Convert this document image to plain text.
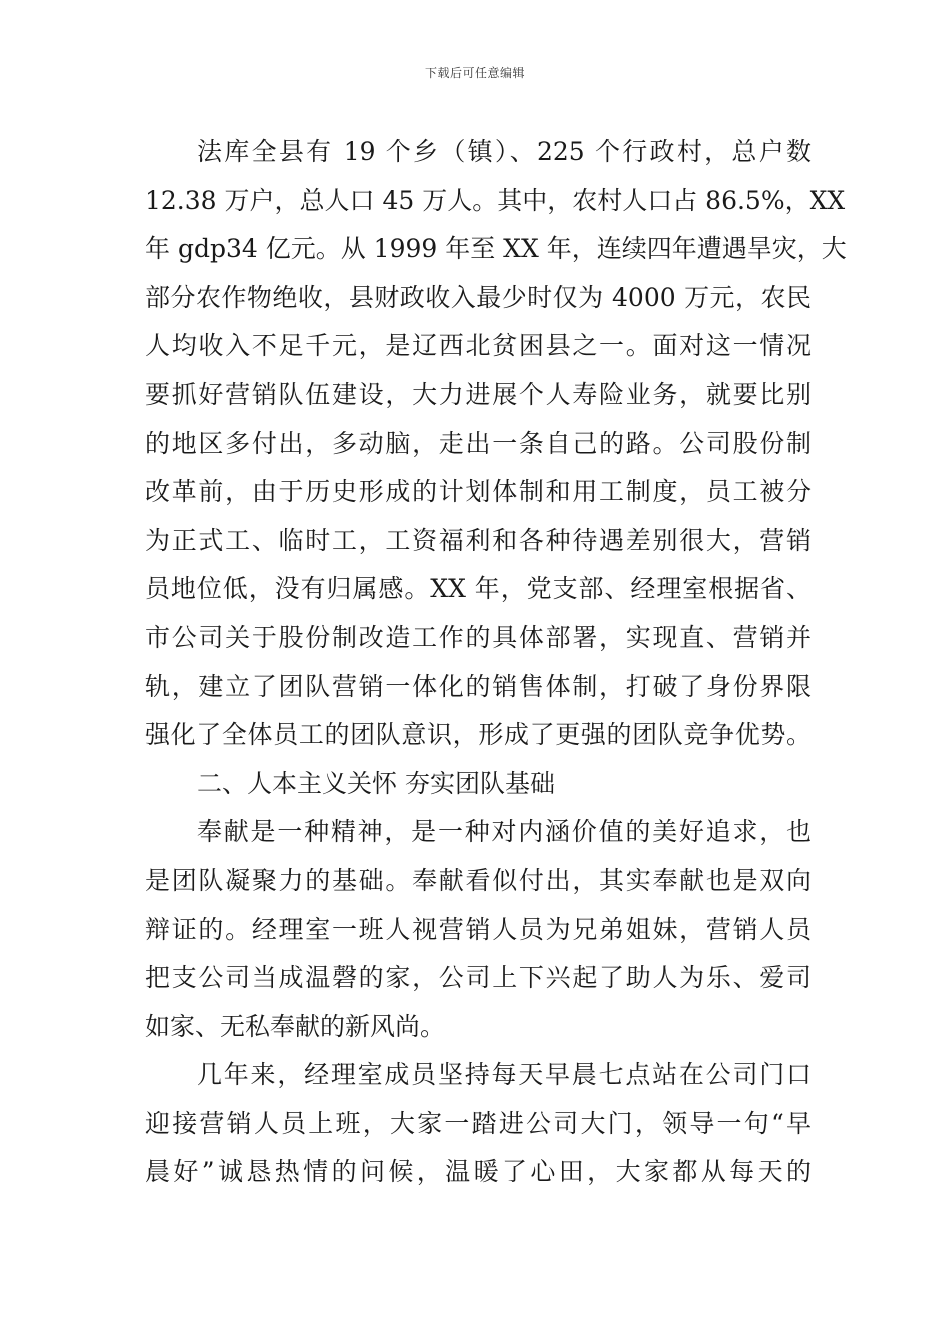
下载后可任意编辑
法库全县有 19 个乡（镇）、225 个行政村，总户数
12.38 万户，总人口 45 万人。其中，农村人口占 86.5%，XX
年 gdp34 亿元。从 1999 年至 XX 年，连续四年遭遇旱灾，大
部分农作物绝收，县财政收入最少时仅为 4000 万元，农民
人均收入不足千元，是辽西北贫困县之一。面对这一情况
要抓好营销队伍建设，大力进展个人寿险业务，就要比别
的地区多付出，多动脑，走出一条自己的路。公司股份制
改革前，由于历史形成的计划体制和用工制度，员工被分
为正式工、临时工，工资福利和各种待遇差别很大，营销
员地位低，没有归属感。XX 年，党支部、经理室根据省、
市公司关于股份制改造工作的具体部署，实现直、营销并
轨，建立了团队营销一体化的销售体制，打破了身份界限
强化了全体员工的团队意识，形成了更强的团队竞争优势。
二、人本主义关怀 夯实团队基础
奉献是一种精神，是一种对内涵价值的美好追求，也
是团队凝聚力的基础。奉献看似付出，其实奉献也是双向
辩证的。经理室一班人视营销人员为兄弟姐妹，营销人员
把支公司当成温磬的家，公司上下兴起了助人为乐、爱司
如家、无私奉献的新风尚。
几年来，经理室成员坚持每天早晨七点站在公司门口
迎接营销人员上班，大家一踏进公司大门，领导一句“早
晨好”诚恳热情的问候，温暖了心田，大家都从每天的
